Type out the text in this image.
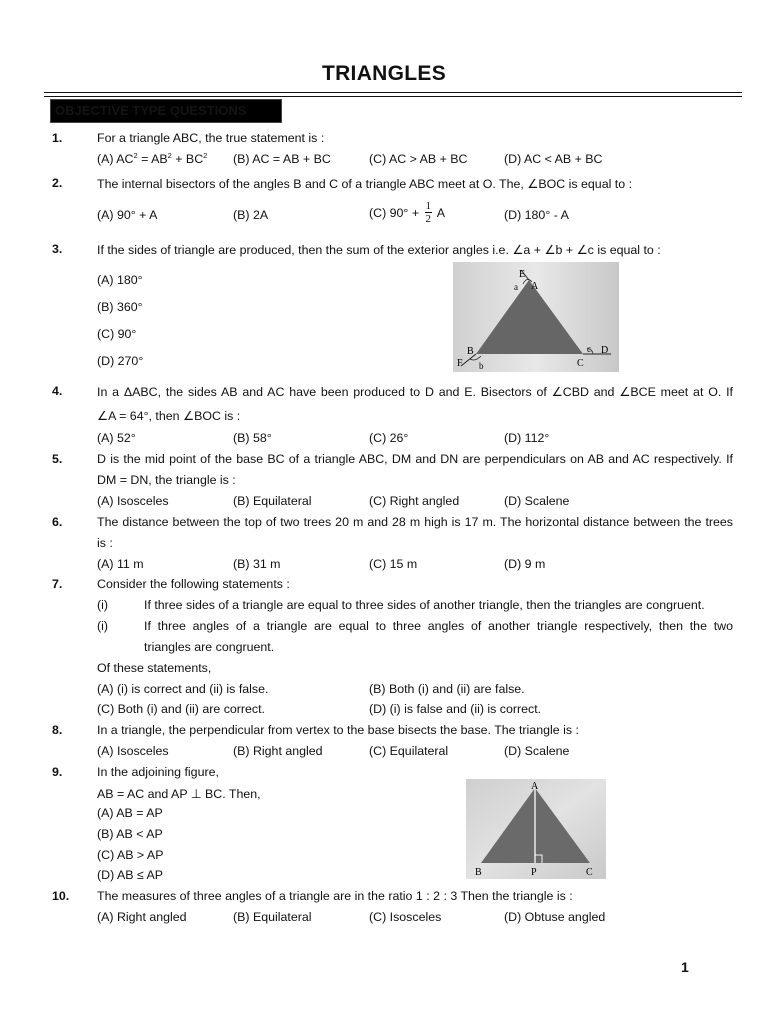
TRIANGLES
OBJECTIVE TYPE QUESTIONS
1.	For a triangle ABC, the true statement is :
(A) $AC^2 = AB^2 + BC^2$ (B) AC = AB + BC	(C) AC > AB + BC	(D) AC < AB + BC
2.	The internal bisectors of the angles B and C of a triangle ABC meet at O. The, ∠BOC is equal to :
(A) 90° + A	(B) 2A	(C) $90^\circ + \frac{1}{2}$ A	(D) 180° - A
3.	If the sides of triangle are produced, then the sum of the exterior angles i.e. ∠a + ∠b + ∠c is equal to :
(A) 180°
(B) 360°
(C) 90°
(D) 270°
E
A
a
B
C
c D
F b
4.	In a ΔABC, the sides AB and AC have been produced to D and E. Bisectors of ∠CBD and ∠BCE meet at O. If
∠A = 64°, then ∠BOC is :
(A) 52°	(B) 58°	(C) 26°	(D) 112°
5.	D is the mid point of the base BC of a triangle ABC, DM and DN are perpendiculars on AB and AC respectively. If
DM = DN, the triangle is :
(A) Isosceles	(B) Equilateral	(C) Right angled	(D) Scalene
6.	The distance between the top of two trees 20 m and 28 m high is 17 m. The horizontal distance between the trees
is :
(A) 11 m	(B) 31 m	(C) 15 m	(D) 9 m
7.	Consider the following statements :
(i)	If three sides of a triangle are equal to three sides of another triangle, then the triangles are congruent.
(i)	If three angles of a triangle are equal to three angles of another triangle respectively, then the two
triangles are congruent.
Of these statements,
(A) (i) is correct and (ii) is false.	(B) Both (i) and (ii) are false.
(C) Both (i) and (ii) are correct.	(D) (i) is false and (ii) is correct.
8.	In a triangle, the perpendicular from vertex to the base bisects the base. The triangle is :
(A) Isosceles	(B) Right angled	(C) Equilateral	(D) Scalene
9.	In the adjoining figure,
AB = AC and AP ⊥ BC. Then,
(A) AB = AP
(B) AB < AP
(C) AB > AP
(D) AB ≤ AP
A
B	P	C
10. The measures of three angles of a triangle are in the ratio 1 : 2 : 3 Then the triangle is :
(A) Right angled	(B) Equilateral	(C) Isosceles	(D) Obtuse angled
1
